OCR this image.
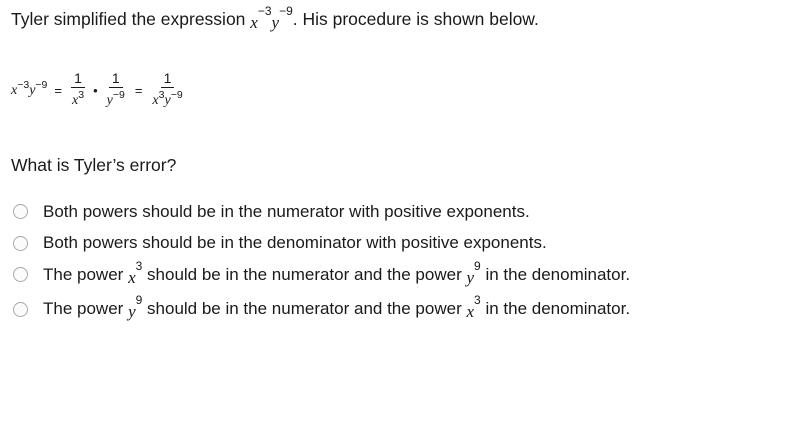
Tyler simplified the expression $x^{-3}y^{-9}$. His procedure is shown below.
$x^{-3}y^{-9} = \frac{1}{x^3}$ • $\frac{1}{y^{-9}} = \frac{1}{x^3y^{-9}}$
What is Tyler’s error?
Both powers should be in the numerator with positive exponents.
Both powers should be in the denominator with positive exponents.
The power $x^3$ should be in the numerator and the power $y^9$ in the denominator.
The power $y^9$ should be in the numerator and the power $x^3$ in the denominator.
